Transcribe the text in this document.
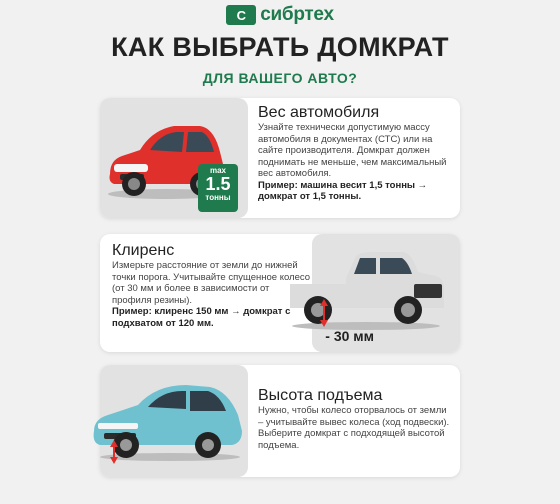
С сибртех
КАК ВЫБРАТЬ ДОМКРАТ
ДЛЯ ВАШЕГО АВТО?
max
1.5
тонны
Вес автомобиля
Узнайте технически допустимую массу автомобиля в документах (СТС) или на сайте производителя. Домкрат должен поднимать не меньше, чем максимальный вес автомобиля.
Пример: машина весит 1,5 тонны → домкрат от 1,5 тонны.
- 30 мм
Клиренс
Измерьте расстояние от земли до нижней точки порога. Учитывайте спущенное колесо (от 30 мм и более в зависимости от профиля резины).
Пример: клиренс 150 мм → домкрат с подхватом от 120 мм.
Высота подъема
Нужно, чтобы колесо оторвалось от земли – учитывайте вывес колеса (ход подвески). Выберите домкрат с подходящей высотой подъема.
